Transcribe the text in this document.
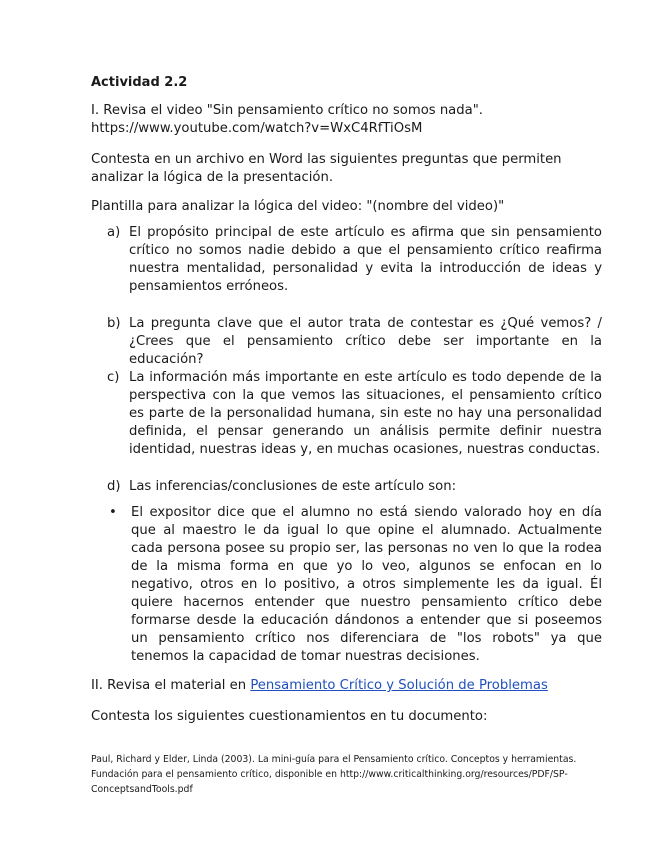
Actividad 2.2

I. Revisa el video "Sin pensamiento crítico no somos nada".
https://www.youtube.com/watch?v=WxC4RfTiOsM

Contesta en un archivo en Word las siguientes preguntas que permiten analizar la lógica de la presentación.

Plantilla para analizar la lógica del video: "(nombre del video)"

a) El propósito principal de este artículo es afirma que sin pensamiento crítico no somos nadie debido a que el pensamiento crítico reafirma nuestra mentalidad, personalidad y evita la introducción de ideas y pensamientos erróneos.
b) La pregunta clave que el autor trata de contestar es ¿Qué vemos? / ¿Crees que el pensamiento crítico debe ser importante en la educación?
c) La información más importante en este artículo es todo depende de la perspectiva con la que vemos las situaciones, el pensamiento crítico es parte de la personalidad humana, sin este no hay una personalidad definida, el pensar generando un análisis permite definir nuestra identidad, nuestras ideas y, en muchas ocasiones, nuestras conductas.
d) Las inferencias/conclusiones de este artículo son:
•	El expositor dice que el alumno no está siendo valorado hoy en día que al maestro le da igual lo que opine el alumnado. Actualmente cada persona posee su propio ser, las personas no ven lo que la rodea de la misma forma en que yo lo veo, algunos se enfocan en lo negativo, otros en lo positivo, a otros simplemente les da igual. Él quiere hacernos entender que nuestro pensamiento crítico debe formarse desde la educación dándonos a entender que si poseemos un pensamiento crítico nos diferenciara de "los robots" ya que tenemos la capacidad de tomar nuestras decisiones.

II. Revisa el material en Pensamiento Crítico y Solución de Problemas

Contesta los siguientes cuestionamientos en tu documento:

Paul, Richard y Elder, Linda (2003). La mini-guía para el Pensamiento crítico. Conceptos y herramientas. Fundación para el pensamiento crítico, disponible en http://www.criticalthinking.org/resources/PDF/SP-ConceptsandTools.pdf
